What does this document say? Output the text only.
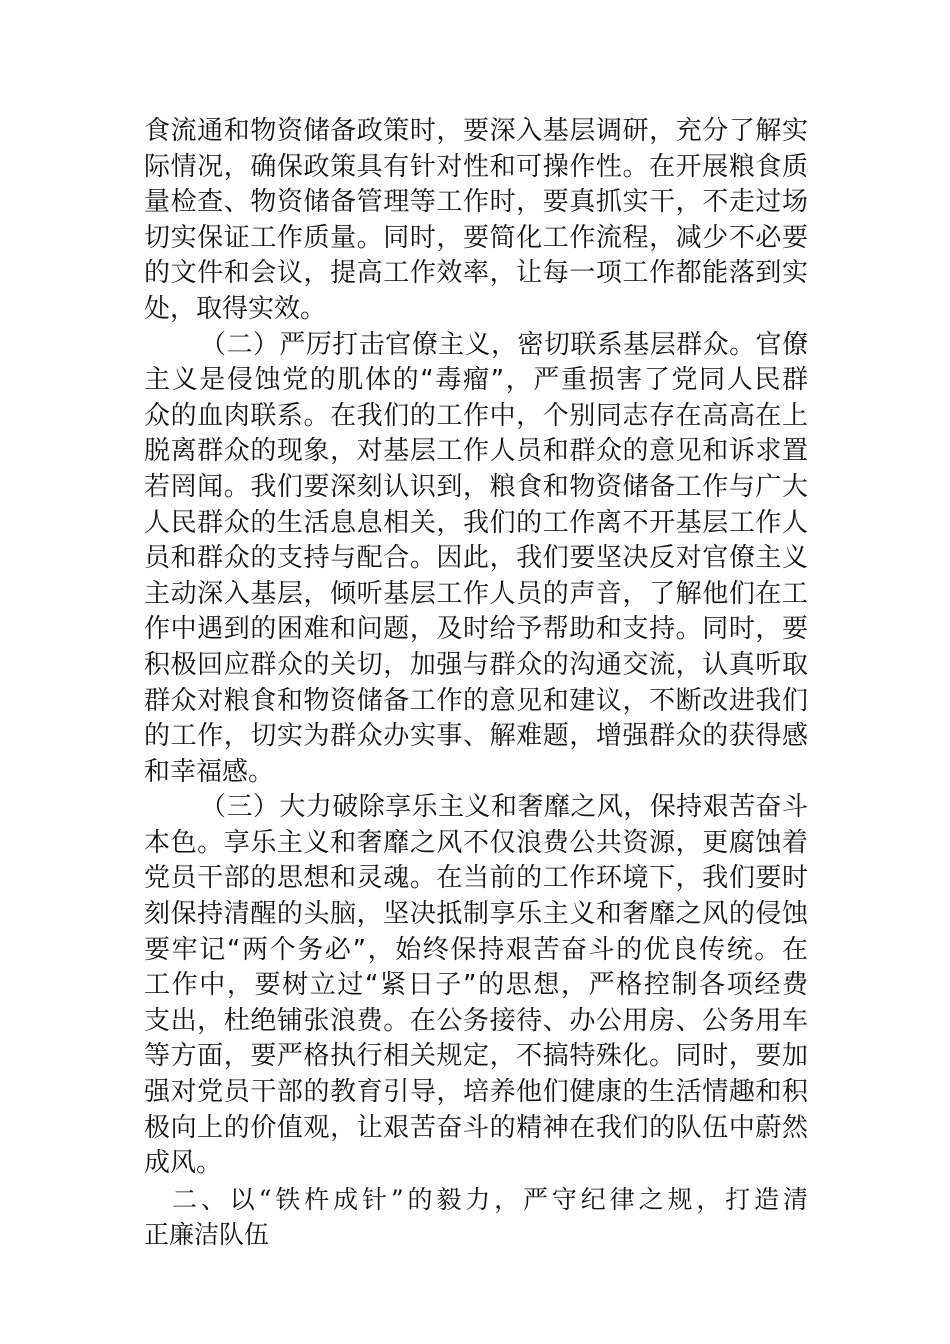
食流通和物资储备政策时，要深入基层调研，充分了解实
际情况，确保政策具有针对性和可操作性。在开展粮食质
量检查、物资储备管理等工作时，要真抓实干，不走过场
切实保证工作质量。同时，要简化工作流程，减少不必要
的文件和会议，提高工作效率，让每一项工作都能落到实
处，取得实效。
（二）严厉打击官僚主义，密切联系基层群众。官僚
主义是侵蚀党的肌体的“毒瘤”，严重损害了党同人民群
众的血肉联系。在我们的工作中，个别同志存在高高在上
脱离群众的现象，对基层工作人员和群众的意见和诉求置
若罔闻。我们要深刻认识到，粮食和物资储备工作与广大
人民群众的生活息息相关，我们的工作离不开基层工作人
员和群众的支持与配合。因此，我们要坚决反对官僚主义
主动深入基层，倾听基层工作人员的声音，了解他们在工
作中遇到的困难和问题，及时给予帮助和支持。同时，要
积极回应群众的关切，加强与群众的沟通交流，认真听取
群众对粮食和物资储备工作的意见和建议，不断改进我们
的工作，切实为群众办实事、解难题，增强群众的获得感
和幸福感。
（三）大力破除享乐主义和奢靡之风，保持艰苦奋斗
本色。享乐主义和奢靡之风不仅浪费公共资源，更腐蚀着
党员干部的思想和灵魂。在当前的工作环境下，我们要时
刻保持清醒的头脑，坚决抵制享乐主义和奢靡之风的侵蚀
要牢记“两个务必”，始终保持艰苦奋斗的优良传统。在
工作中，要树立过“紧日子”的思想，严格控制各项经费
支出，杜绝铺张浪费。在公务接待、办公用房、公务用车
等方面，要严格执行相关规定，不搞特殊化。同时，要加
强对党员干部的教育引导，培养他们健康的生活情趣和积
极向上的价值观，让艰苦奋斗的精神在我们的队伍中蔚然
成风。
二、以“铁杵成针”的毅力，严守纪律之规，打造清
正廉洁队伍
